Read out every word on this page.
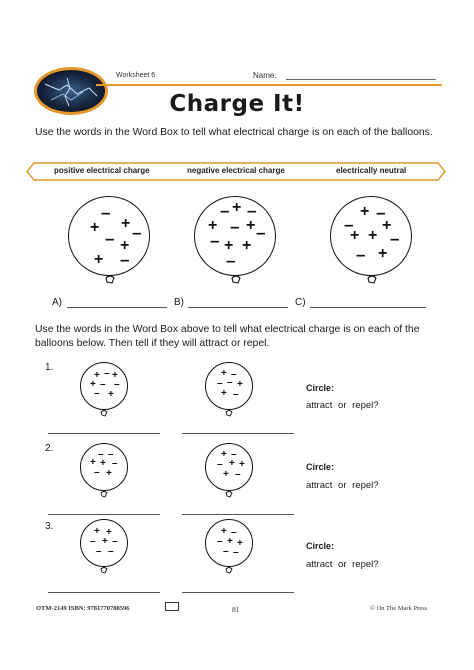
Worksheet 6	Name:
Charge It!
Use the words in the Word Box to tell what electrical charge is on each of the balloons.
positive electrical charge	negative electrical charge	electrically neutral
–
+
+ –
– +
+ –
– + –
+ – + –
– + +
–
+ –
– +
+ + –
– +
A)	B)	C)
Use the words in the Word Box above to tell what electrical charge is on each of the balloons below. Then tell if they will attract or repel.
1.
+ – +
+ – –
– +
+ –
– – +
+ –
Circle:
attract or repel?
2.
– –
+ + –
– +
+ –
– + +
+ –
Circle:
attract or repel?
3.	+ +
– + –
– –
+ –
– + +
– –
Circle:
attract or repel?
OTM-2149 ISBN: 9781770788596	81	© On The Mark Press
